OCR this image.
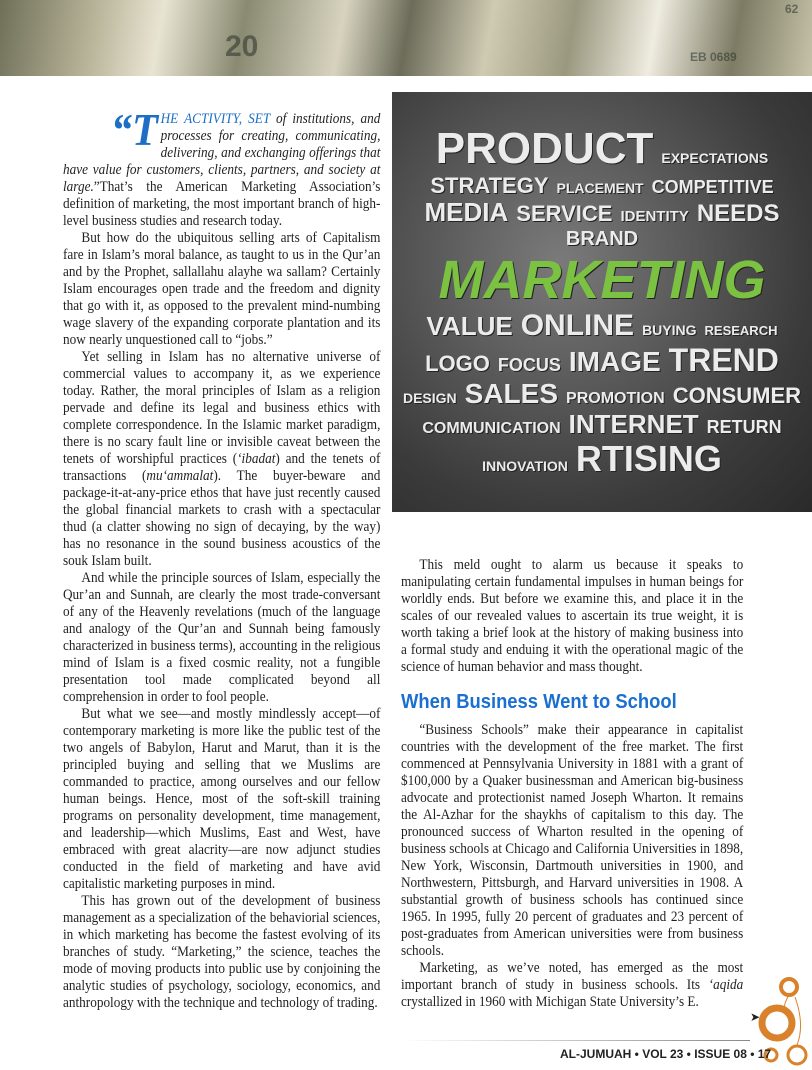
20	EB 0689
62

“THE ACTIVITY, SET of institutions, and processes for creating, communicating, delivering, and exchanging offerings that have value for customers, clients, partners, and society at large.”That’s the American Marketing Association’s definition of marketing, the most important branch of high-level business studies and research today.

But how do the ubiquitous selling arts of Capitalism fare in Islam’s moral balance, as taught to us in the Qur’an and by the Prophet, sallallahu alayhe wa sallam? Certainly Islam encourages open trade and the freedom and dignity that go with it, as opposed to the prevalent mind-numbing wage slavery of the expanding corporate plantation and its now nearly unquestioned call to “jobs.”

Yet selling in Islam has no alternative universe of commercial values to accompany it, as we experience today. Rather, the moral principles of Islam as a religion pervade and define its legal and business ethics with complete correspondence. In the Islamic market paradigm, there is no scary fault line or invisible caveat between the tenets of worshipful practices (‘ibadat) and the tenets of transactions (mu‘ammalat). The buyer-beware and package-it-at-any-price ethos that have just recently caused the global financial markets to crash with a spectacular thud (a clatter showing no sign of decaying, by the way) has no resonance in the sound business acoustics of the souk Islam built.

And while the principle sources of Islam, especially the Qur’an and Sunnah, are clearly the most trade-conversant of any of the Heavenly revelations (much of the language and analogy of the Qur’an and Sunnah being famously characterized in business terms), accounting in the religious mind of Islam is a fixed cosmic reality, not a fungible presentation tool made complicated beyond all comprehension in order to fool people.

But what we see—and mostly mindlessly accept—of contemporary marketing is more like the public test of the two angels of Babylon, Harut and Marut, than it is the principled buying and selling that we Muslims are commanded to practice, among ourselves and our fellow human beings. Hence, most of the soft-skill training programs on personality development, time management, and leadership—which Muslims, East and West, have embraced with great alacrity—are now adjunct studies conducted in the field of marketing and have avid capitalistic marketing purposes in mind.

This has grown out of the development of business management as a specialization of the behaviorial sciences, in which marketing has become the fastest evolving of its branches of study. “Marketing,” the science, teaches the mode of moving products into public use by conjoining the analytic studies of psychology, sociology, economics, and anthropology with the technique and technology of trading.

PRODUCT EXPECTATIONS
STRATEGY PLACEMENT COMPETITIVE
MEDIA SERVICE IDENTITY NEEDS
BRAND
MARKETING
VALUE ONLINE BUYING RESEARCH
LOGO FOCUS IMAGE TREND
DESIGN SALES PROMOTION CONSUMER
COMMUNICATION INTERNET RETURN
INNOVATION RTISING

This meld ought to alarm us because it speaks to manipulating certain fundamental impulses in human beings for worldly ends. But before we examine this, and place it in the scales of our revealed values to ascertain its true weight, it is worth taking a brief look at the history of making business into a formal study and enduing it with the operational magic of the science of human behavior and mass thought.

When Business Went to School

“Business Schools” make their appearance in capitalist countries with the development of the free market. The first commenced at Pennsylvania University in 1881 with a grant of $100,000 by a Quaker businessman and American big-business advocate and protectionist named Joseph Wharton. It remains the Al-Azhar for the shaykhs of capitalism to this day. The pronounced success of Wharton resulted in the opening of business schools at Chicago and California Universities in 1898, New York, Wisconsin, Dartmouth universities in 1900, and Northwestern, Pittsburgh, and Harvard universities in 1908. A substantial growth of business schools has continued since 1965. In 1995, fully 20 percent of graduates and 23 percent of post-graduates from American universities were from business schools.

Marketing, as we’ve noted, has emerged as the most important branch of study in business schools. Its ‘aqida crystallized in 1960 with Michigan State University’s E.

➤
AL-JUMUAH • VOL 23 • ISSUE 08 • 17
